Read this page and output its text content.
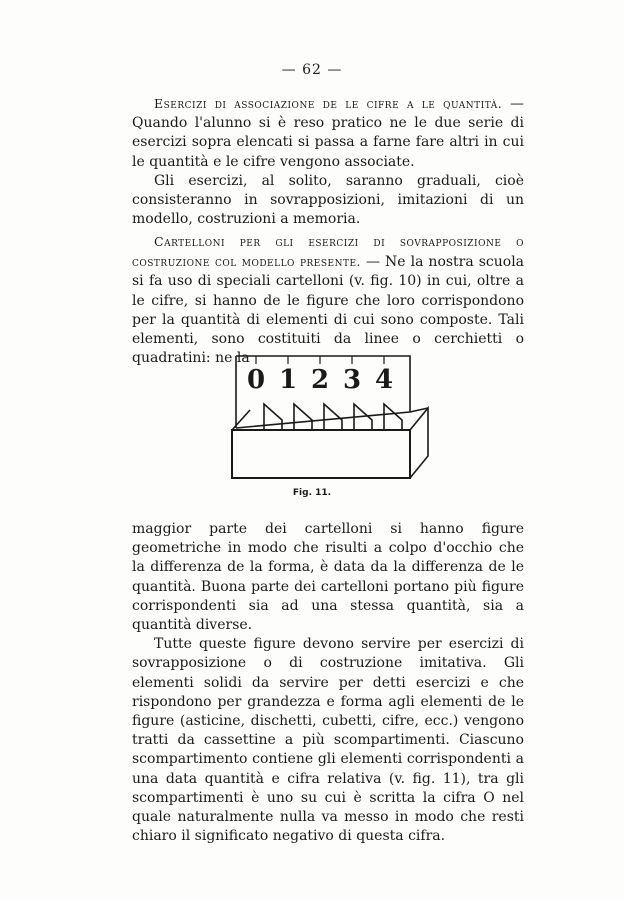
— 62 —

Esercizi di associazione de le cifre a le quantità. — Quando l'alunno si è reso pratico ne le due serie di esercizi sopra elencati si passa a farne fare altri in cui le quantità e le cifre vengono associate.

Gli esercizi, al solito, saranno graduali, cioè consisteranno in sovrapposizioni, imitazioni di un modello, costruzioni a memoria.

Cartelloni per gli esercizi di sovrapposizione o costruzione col modello presente. — Ne la nostra scuola si fa uso di speciali cartelloni (v. fig. 10) in cui, oltre a le cifre, si hanno de le figure che loro corrispondono per la quantità di elementi di cui sono composte. Tali elementi, sono costituiti da linee o cerchietti o quadratini: ne la

0 1 2 3 4
Fig. 11.

maggior parte dei cartelloni si hanno figure geometriche in modo che risulti a colpo d'occhio che la differenza de la forma, è data da la differenza de le quantità. Buona parte dei cartelloni portano più figure corrispondenti sia ad una stessa quantità, sia a quantità diverse.

Tutte queste figure devono servire per esercizi di sovrapposizione o di costruzione imitativa. Gli elementi solidi da servire per detti esercizi e che rispondono per grandezza e forma agli elementi de le figure (asticine, dischetti, cubetti, cifre, ecc.) vengono tratti da cassettine a più scompartimenti. Ciascuno scompartimento contiene gli elementi corrispondenti a una data quantità e cifra relativa (v. fig. 11), tra gli scompartimenti è uno su cui è scritta la cifra O nel quale naturalmente nulla va messo in modo che resti chiaro il significato negativo di questa cifra.
